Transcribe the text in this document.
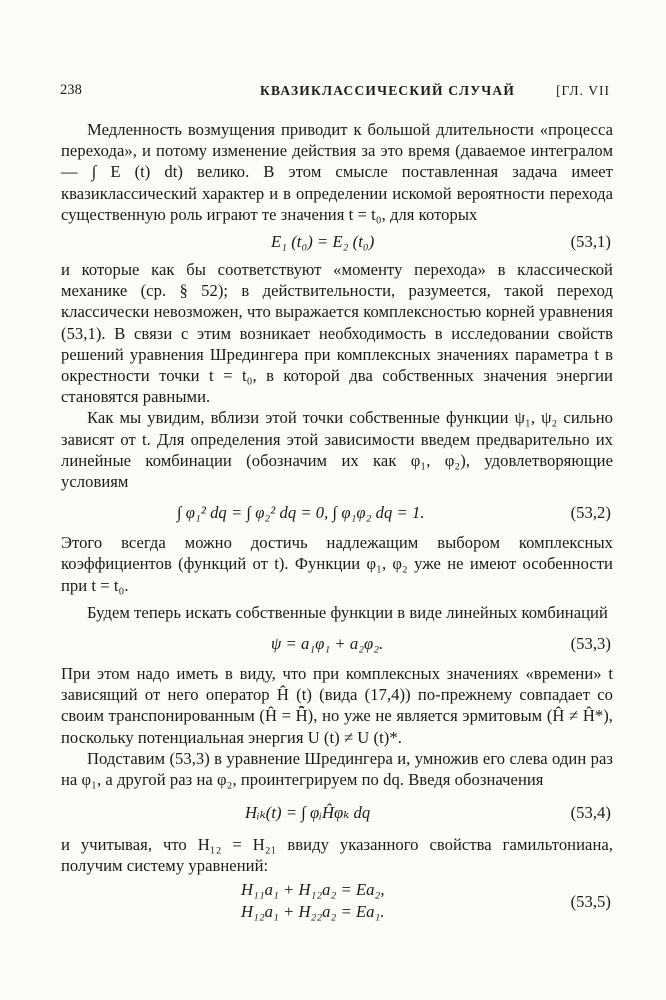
238	КВАЗИКЛАССИЧЕСКИЙ СЛУЧАЙ	[ГЛ. VII

Медленность возмущения приводит к большой длительности «процесса перехода», и потому изменение действия за это время (даваемое интегралом — ∫ E (t) dt) велико. В этом смысле поставленная задача имеет квазиклассический характер и в определении искомой вероятности перехода существенную роль играют те значения t = t₀, для которых

E₁ (t₀) = E₂ (t₀)	(53,1)

и которые как бы соответствуют «моменту перехода» в классической механике (ср. § 52); в действительности, разумеется, такой переход классически невозможен, что выражается комплексностью корней уравнения (53,1). В связи с этим возникает необходимость в исследовании свойств решений уравнения Шредингера при комплексных значениях параметра t в окрестности точки t = t₀, в которой два собственных значения энергии становятся равными.

Как мы увидим, вблизи этой точки собственные функции ψ₁, ψ₂ сильно зависят от t. Для определения этой зависимости введем предварительно их линейные комбинации (обозначим их как φ₁, φ₂), удовлетворяющие условиям

∫ φ₁² dq = ∫ φ₂² dq = 0, ∫ φ₁φ₂ dq = 1.	(53,2)

Этого всегда можно достичь надлежащим выбором комплексных коэффициентов (функций от t). Функции φ₁, φ₂ уже не имеют особенности при t = t₀.

Будем теперь искать собственные функции в виде линейных комбинаций

ψ = a₁φ₁ + a₂φ₂.	(53,3)

При этом надо иметь в виду, что при комплексных значениях «времени» t зависящий от него оператор Ĥ (t) (вида (17,4)) по-прежнему совпадает со своим транспонированным (Ĥ = H̃̂), но уже не является эрмитовым (Ĥ ≠ Ĥ*), поскольку потенциальная энергия U (t) ≠ U (t)*.

Подставим (53,3) в уравнение Шредингера и, умножив его слева один раз на φ₁, а другой раз на φ₂, проинтегрируем по dq. Введя обозначения

Hᵢₖ(t) = ∫ φᵢĤφₖ dq	(53,4)

и учитывая, что H₁₂ = H₂₁ ввиду указанного свойства гамильтониана, получим систему уравнений:

H₁₁a₁ + H₁₂a₂ = Ea₂,
H₁₂a₁ + H₂₂a₂ = Ea₁.
(53,5)
